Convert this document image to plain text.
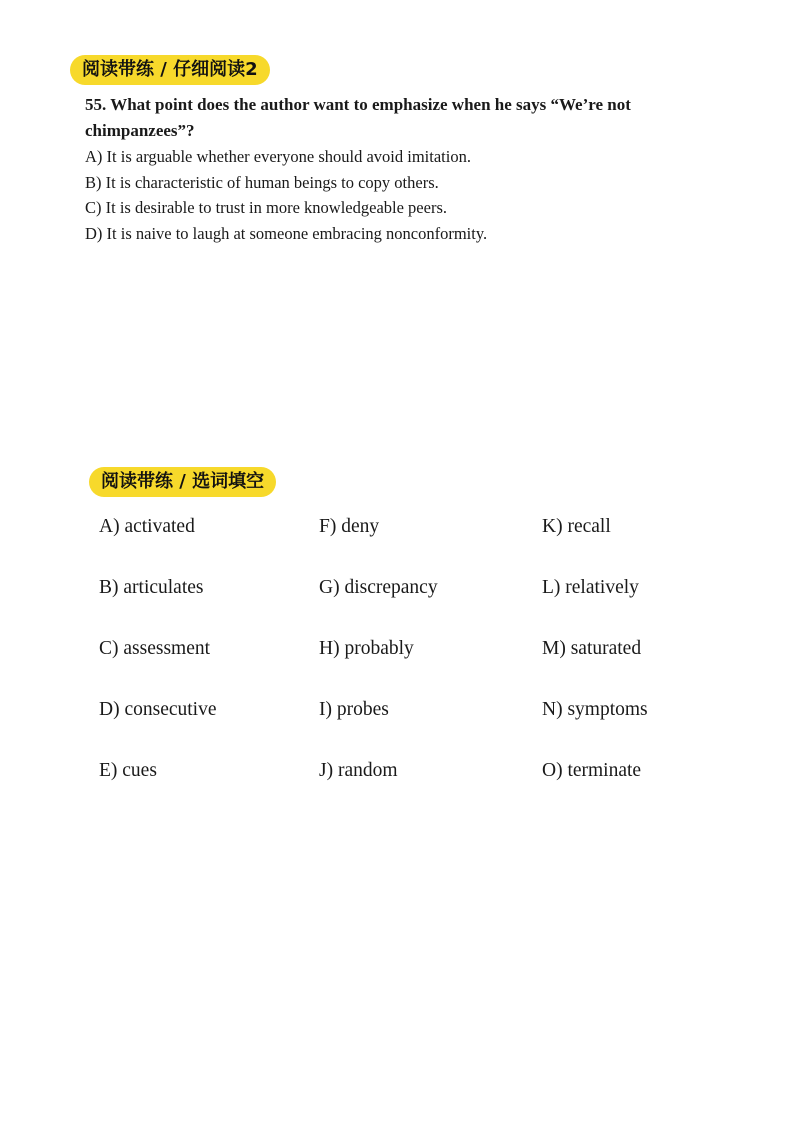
阅读带练 / 仔细阅读2

55. What point does the author want to emphasize when he says “We’re not chimpanzees”?

A) It is arguable whether everyone should avoid imitation.

B) It is characteristic of human beings to copy others.

C) It is desirable to trust in more knowledgeable peers.

D) It is naive to laugh at someone embracing nonconformity.

阅读带练 / 选词填空
A) activated
B) articulates
C) assessment
D) consecutive
E) cues
F) deny
G) discrepancy
H) probably
I) probes
J) random
K) recall
L) relatively
M) saturated
N) symptoms
O) terminate
